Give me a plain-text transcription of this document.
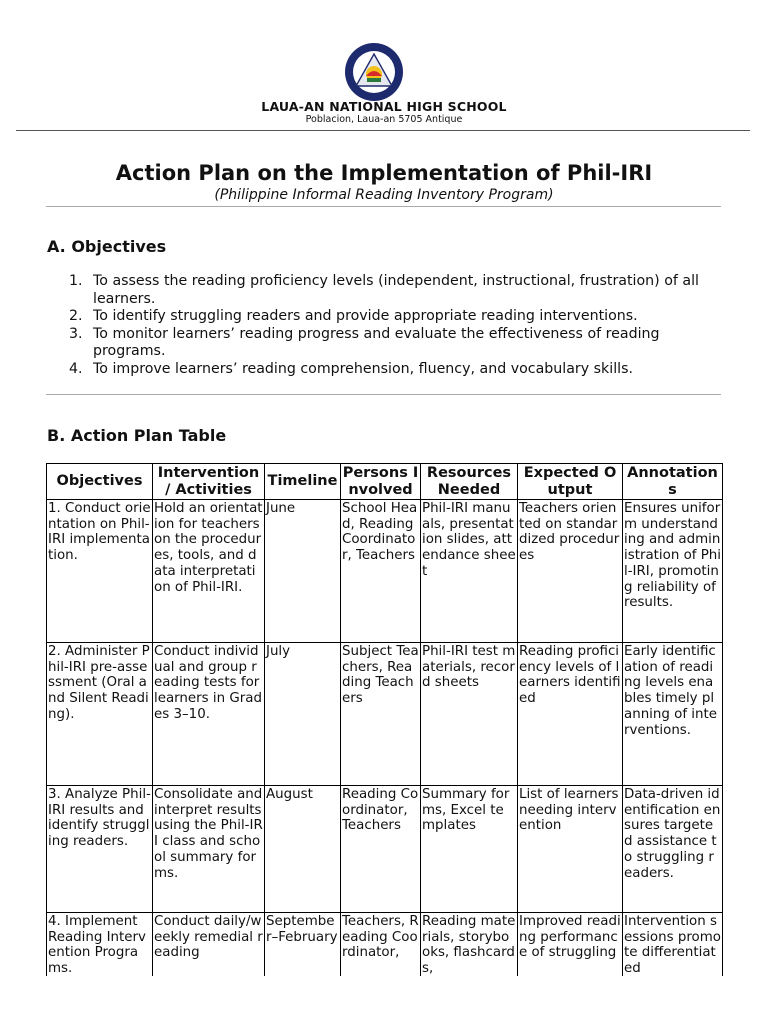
LAUA-AN NATIONAL HIGH SCHOOL
Poblacion, Laua-an 5705 Antique
Action Plan on the Implementation of Phil-IRI
(Philippine Informal Reading Inventory Program)
A. Objectives
1. To assess the reading proficiency levels (independent, instructional, frustration) of all learners.
2. To identify struggling readers and provide appropriate reading interventions.
3. To monitor learners’ reading progress and evaluate the effectiveness of reading programs.
4. To improve learners’ reading comprehension, fluency, and vocabulary skills.
B. Action Plan Table
Objectives	Intervention / Activities	Timeline	Persons Involved	Resources Needed	Expected Output	Annotations
1. Conduct orientation on Phil-IRI implementation.	Hold an orientation for teachers on the procedures, tools, and data interpretation of Phil-IRI.	June	School Head, Reading Coordinator, Teachers	Phil-IRI manuals, presentation slides, attendance sheet	Teachers oriented on standardized procedures	Ensures uniform understanding and administration of Phil-IRI, promoting reliability of results.
2. Administer Phil-IRI pre-assessment (Oral and Silent Reading).	Conduct individual and group reading tests for learners in Grades 3–10.	July	Subject Teachers, Reading Teachers	Phil-IRI test materials, record sheets	Reading proficiency levels of learners identified	Early identification of reading levels enables timely planning of interventions.
3. Analyze Phil-IRI results and identify struggling readers.	Consolidate and interpret results using the Phil-IRI class and school summary forms.	August	Reading Coordinator, Teachers	Summary forms, Excel templates	List of learners needing intervention	Data-driven identification ensures targeted assistance to struggling readers.
4. Implement Reading Intervention Programs.	Conduct daily/weekly remedial reading	September–February	Teachers, Reading Coordinator,	Reading materials, storybooks, flashcards,	Improved reading performance of struggling	Intervention sessions promote differentiated
